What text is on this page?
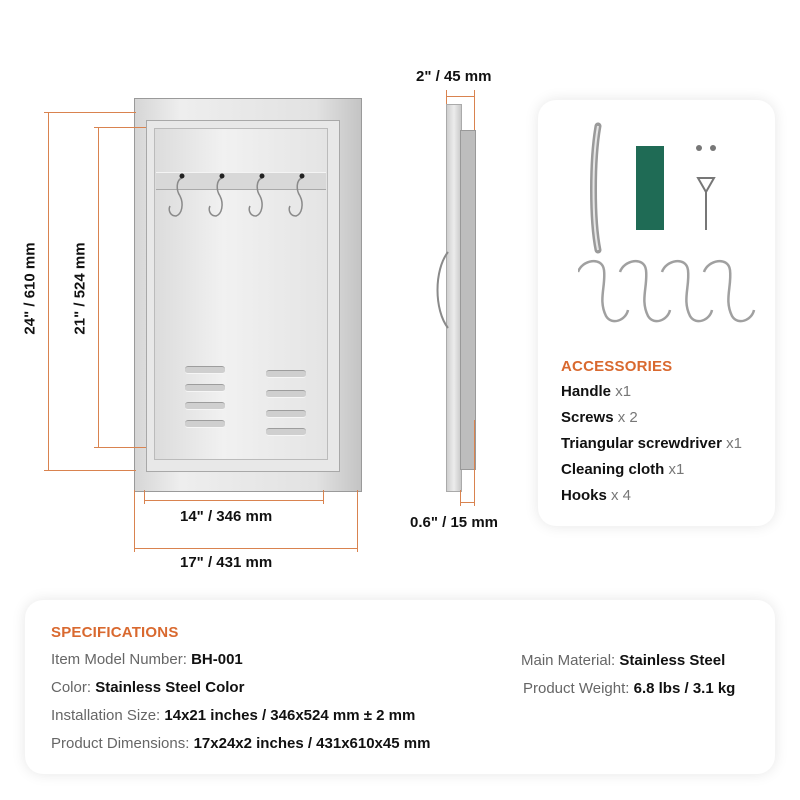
24" / 610 mm 21" / 524 mm
14" / 346 mm
17" / 431 mm
2" / 45 mm
0.6" / 15 mm
ACCESSORIES
Handle x1
Screws x 2
Triangular screwdriver x1
Cleaning cloth x1
Hooks x 4
SPECIFICATIONS
Item Model Number: BH-001
Color: Stainless Steel Color
Installation Size: 14x21 inches / 346x524 mm ± 2 mm
Product Dimensions: 17x24x2 inches / 431x610x45 mm
Main Material: Stainless Steel
Product Weight: 6.8 lbs / 3.1 kg
